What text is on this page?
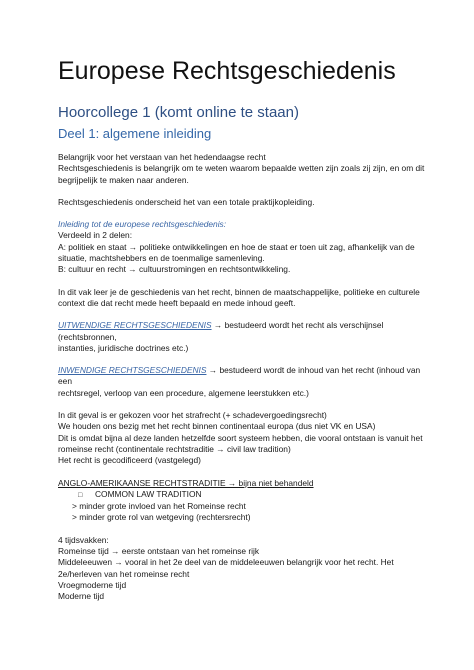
Europese Rechtsgeschiedenis
Hoorcollege 1 (komt online te staan)
Deel 1: algemene inleiding

Belangrijk voor het verstaan van het hedendaagse recht

Rechtsgeschiedenis is belangrijk om te weten waarom bepaalde wetten zijn zoals zij zijn, en om dit

begrijpelijk te maken naar anderen.

Rechtsgeschiedenis onderscheid het van een totale praktijkopleiding.

Inleiding tot de europese rechtsgeschiedenis:

Verdeeld in 2 delen:

A: politiek en staat → politieke ontwikkelingen en hoe de staat er toen uit zag, afhankelijk van de

situatie, machtshebbers en de toenmalige samenleving.

B: cultuur en recht → cultuurstromingen en rechtsontwikkeling.

In dit vak leer je de geschiedenis van het recht, binnen de maatschappelijke, politieke en culturele

context die dat recht mede heeft bepaald en mede inhoud geeft.

UITWENDIGE RECHTSGESCHIEDENIS → bestudeerd wordt het recht als verschijnsel (rechtsbronnen,

instanties, juridische doctrines etc.)

INWENDIGE RECHTSGESCHIEDENIS → bestudeerd wordt de inhoud van het recht (inhoud van een

rechtsregel, verloop van een procedure, algemene leerstukken etc.)

In dit geval is er gekozen voor het strafrecht (+ schadevergoedingsrecht)

We houden ons bezig met het recht binnen continentaal europa (dus niet VK en USA)

Dit is omdat bijna al deze landen hetzelfde soort systeem hebben, die vooral ontstaan is vanuit het

romeinse recht (continentale rechtstraditie → civil law tradition)

Het recht is gecodificeerd (vastgelegd)

ANGLO-AMERIKAANSE RECHTSTRADITIE → bijna niet behandeld

□ COMMON LAW TRADITION

> minder grote invloed van het Romeinse recht

> minder grote rol van wetgeving (rechtersrecht)

4 tijdsvakken:

Romeinse tijd → eerste ontstaan van het romeinse rijk

Middeleeuwen → vooral in het 2e deel van de middeleeuwen belangrijk voor het recht. Het

2e/herleven van het romeinse recht

Vroegmoderne tijd

Moderne tijd
